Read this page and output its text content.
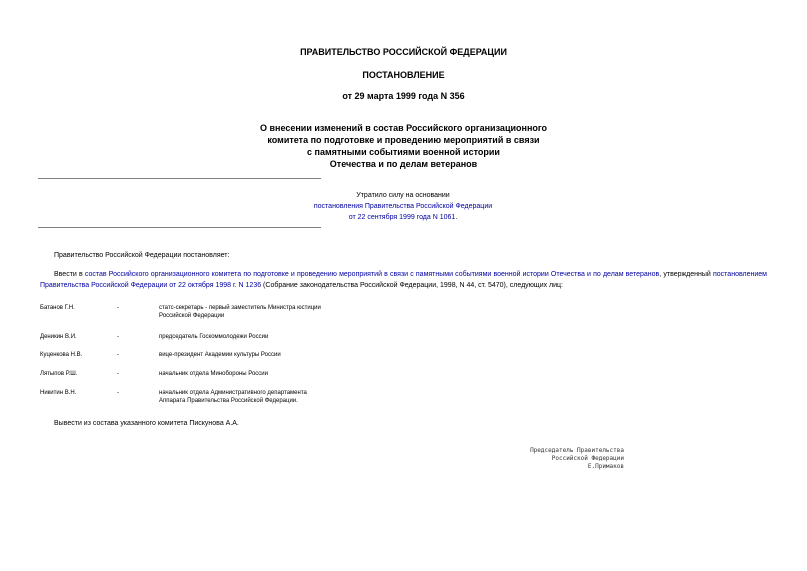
ПРАВИТЕЛЬСТВО РОССИЙСКОЙ ФЕДЕРАЦИИ
ПОСТАНОВЛЕНИЕ
от 29 марта 1999 года N 356
О внесении изменений в состав Российского организационного
комитета по подготовке и проведению мероприятий в связи
с памятными событиями военной истории
Отечества и по делам ветеранов
Утратило силу на основании
постановления Правительства Российской Федерации
от 22 сентября 1999 года N 1061.
Правительство Российской Федерации постановляет:
Ввести в состав Российского организационного комитета по подготовке и проведению мероприятий в связи с памятными событиями военной истории Отечества и по делам ветеранов, утвержденный постановлением Правительства Российской Федерации от 22 октября 1998 г. N 1236 (Собрание законодательства Российской Федерации, 1998, N 44, ст. 5470), следующих лиц:
Батанов Г.Н.	-	статс-секретарь - первый заместитель Министра юстиции Российской Федерации
Деникин В.И.	-	председатель Госкоммолодежи России
Куценкова Н.В.	-	вице-президент Академии культуры России
Лятыпов Р.Ш.	-	начальник отдела Минобороны России
Никитин В.Н.	-	начальник отдела Административного департамента Аппарата Правительства Российской Федерации.
Вывести из состава указанного комитета Пискунова А.А.
Председатель Правительства
Российской Федерации
Е.Примаков
